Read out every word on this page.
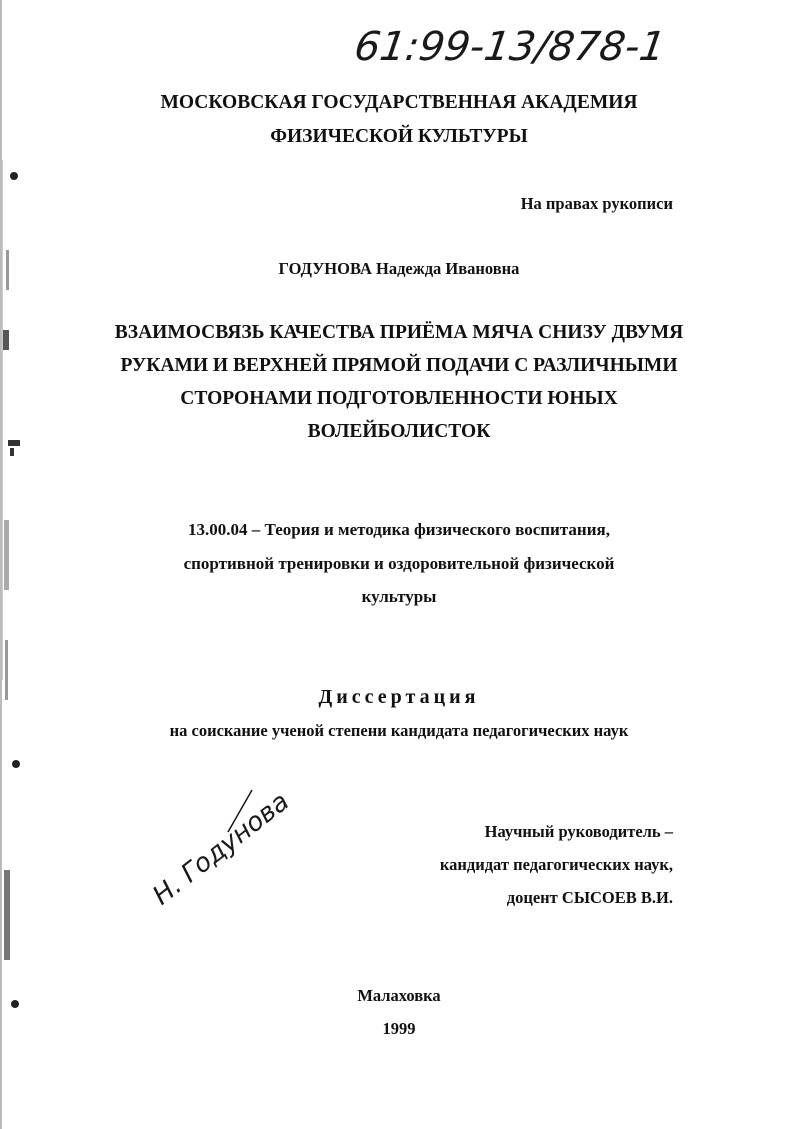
61:99-13/878-1
МОСКОВСКАЯ ГОСУДАРСТВЕННАЯ АКАДЕМИЯ
ФИЗИЧЕСКОЙ КУЛЬТУРЫ
На правах рукописи
ГОДУНОВА Надежда Ивановна
ВЗАИМОСВЯЗЬ КАЧЕСТВА ПРИЁМА МЯЧА СНИЗУ ДВУМЯ
РУКАМИ И ВЕРХНЕЙ ПРЯМОЙ ПОДАЧИ С РАЗЛИЧНЫМИ
СТОРОНАМИ ПОДГОТОВЛЕННОСТИ ЮНЫХ
ВОЛЕЙБОЛИСТОК
13.00.04 – Теория и методика физического воспитания,
спортивной тренировки и оздоровительной физической
культуры
Диссертация
на соискание ученой степени кандидата педагогических наук
Н. Годунова	Научный руководитель –
кандидат педагогических наук,
доцент СЫСОЕВ В.И.
Малаховка
1999
